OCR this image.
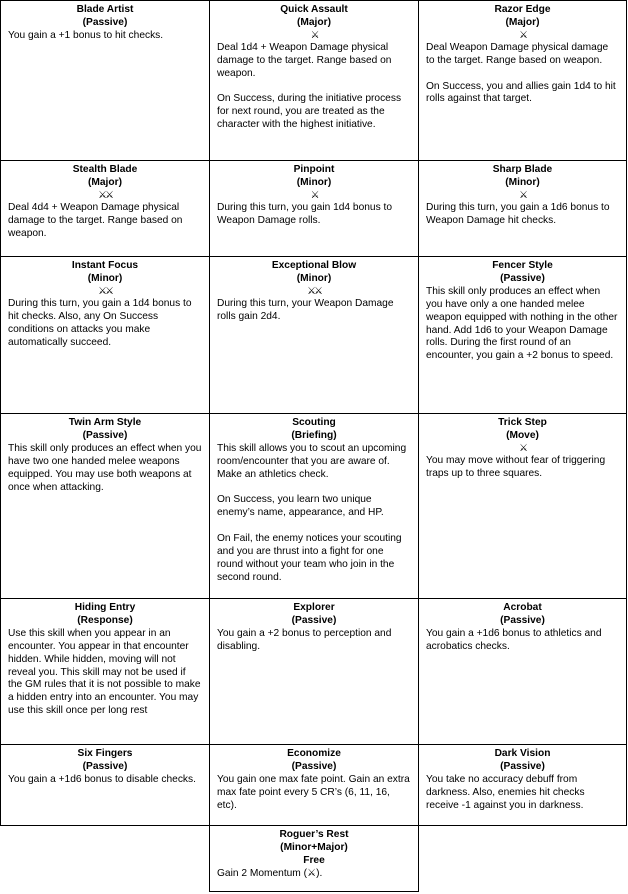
Blade Artist
(Passive)
You gain a +1 bonus to hit checks.
Quick Assault
(Major)
⚔
Deal 1d4 + Weapon Damage physical damage to the target. Range based on weapon.

On Success, during the initiative process for next round, you are treated as the character with the highest initiative.
Razor Edge
(Major)
⚔
Deal Weapon Damage physical damage to the target. Range based on weapon.

On Success, you and allies gain 1d4 to hit rolls against that target.
Stealth Blade
(Major)
⚔⚔
Deal 4d4 + Weapon Damage physical damage to the target. Range based on weapon.
Pinpoint
(Minor)
⚔
During this turn, you gain 1d4 bonus to Weapon Damage rolls.
Sharp Blade
(Minor)
⚔
During this turn, you gain a 1d6 bonus to Weapon Damage hit checks.
Instant Focus
(Minor)
⚔⚔
During this turn, you gain a 1d4 bonus to hit checks. Also, any On Success conditions on attacks you make automatically succeed.
Exceptional Blow
(Minor)
⚔⚔
During this turn, your Weapon Damage rolls gain 2d4.
Fencer Style
(Passive)
This skill only produces an effect when you have only a one handed melee weapon equipped with nothing in the other hand. Add 1d6 to your Weapon Damage rolls. During the first round of an encounter, you gain a +2 bonus to speed.
Twin Arm Style
(Passive)
This skill only produces an effect when you have two one handed melee weapons equipped. You may use both weapons at once when attacking.
Scouting
(Briefing)
This skill allows you to scout an upcoming room/encounter that you are aware of. Make an athletics check.

On Success, you learn two unique enemy’s name, appearance, and HP.

On Fail, the enemy notices your scouting and you are thrust into a fight for one round without your team who join in the second round.
Trick Step
(Move)
⚔
You may move without fear of triggering traps up to three squares.
Hiding Entry
(Response)
Use this skill when you appear in an encounter. You appear in that encounter hidden. While hidden, moving will not reveal you. This skill may not be used if the GM rules that it is not possible to make a hidden entry into an encounter. You may use this skill once per long rest
Explorer
(Passive)
You gain a +2 bonus to perception and disabling.
Acrobat
(Passive)
You gain a +1d6 bonus to athletics and acrobatics checks.
Six Fingers
(Passive)
You gain a +1d6 bonus to disable checks.
Economize
(Passive)
You gain one max fate point. Gain an extra max fate point every 5 CR’s (6, 11, 16, etc).
Dark Vision
(Passive)
You take no accuracy debuff from darkness. Also, enemies hit checks receive -1 against you in darkness.
Roguer’s Rest
(Minor+Major)
Free
Gain 2 Momentum (⚔).
